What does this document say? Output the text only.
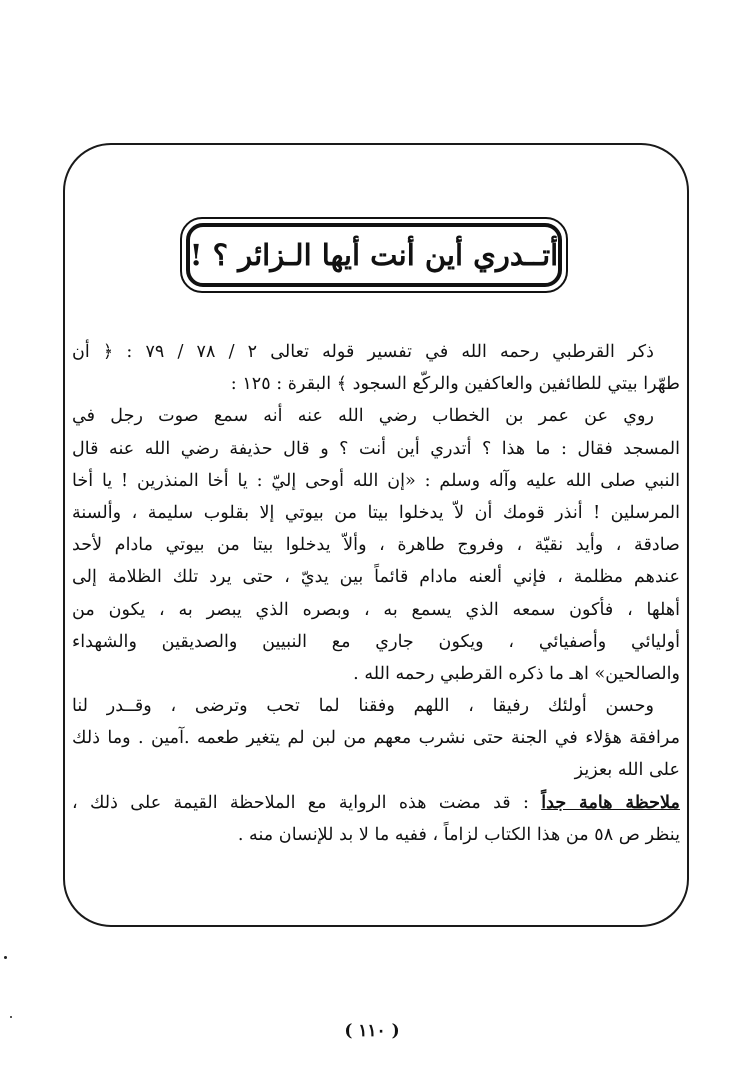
أتــدري أين أنت أيها الـزائر ؟ !
ذكر القرطبي رحمه الله في تفسير قوله تعالى ٢ / ٧٨ / ٧٩ : ﴿ أن
طهّرا بيتي للطائفين والعاكفين والركّع السجود ﴾ البقرة : ١٢٥ :
روي عن عمر بن الخطاب رضي الله عنه أنه سمع صوت رجل في
المسجد فقال : ما هذا ؟ أتدري أين أنت ؟ و قال حذيفة رضي الله عنه قال
النبي صلى الله عليه وآله وسلم : «إن الله أوحى إليّ : يا أخا المنذرين ! يا أخا
المرسلين ! أنذر قومك أن لاّ يدخلوا بيتا من بيوتي إلا بقلوب سليمة ، وألسنة
صادقة ، وأيد نقيّة ، وفروج طاهرة ، وألاّ يدخلوا بيتا من بيوتي مادام لأحد
عندهم مظلمة ، فإني ألعنه مادام قائماً بين يديّ ، حتى يرد تلك الظلامة إلى
أهلها ، فأكون سمعه الذي يسمع به ، وبصره الذي يبصر به ، يكون من
أوليائي وأصفيائي ، ويكون جاري مع النبيين والصديقين والشهداء
والصالحين» اهـ ما ذكره القرطبي رحمه الله .
وحسن أولئك رفيقا ، اللهم وفقنا لما تحب وترضى ، وقــدر لنا
مرافقة هؤلاء في الجنة حتى نشرب معهم من لبن لم يتغير طعمه .آمين . وما ذلك
على الله بعزيز
ملاحظة هامة جداً : قد مضت هذه الرواية مع الملاحظة القيمة على ذلك ،
ينظر ص ٥٨ من هذا الكتاب لزاماً ، ففيه ما لا بد للإنسان منه .
( ١١٠ )
